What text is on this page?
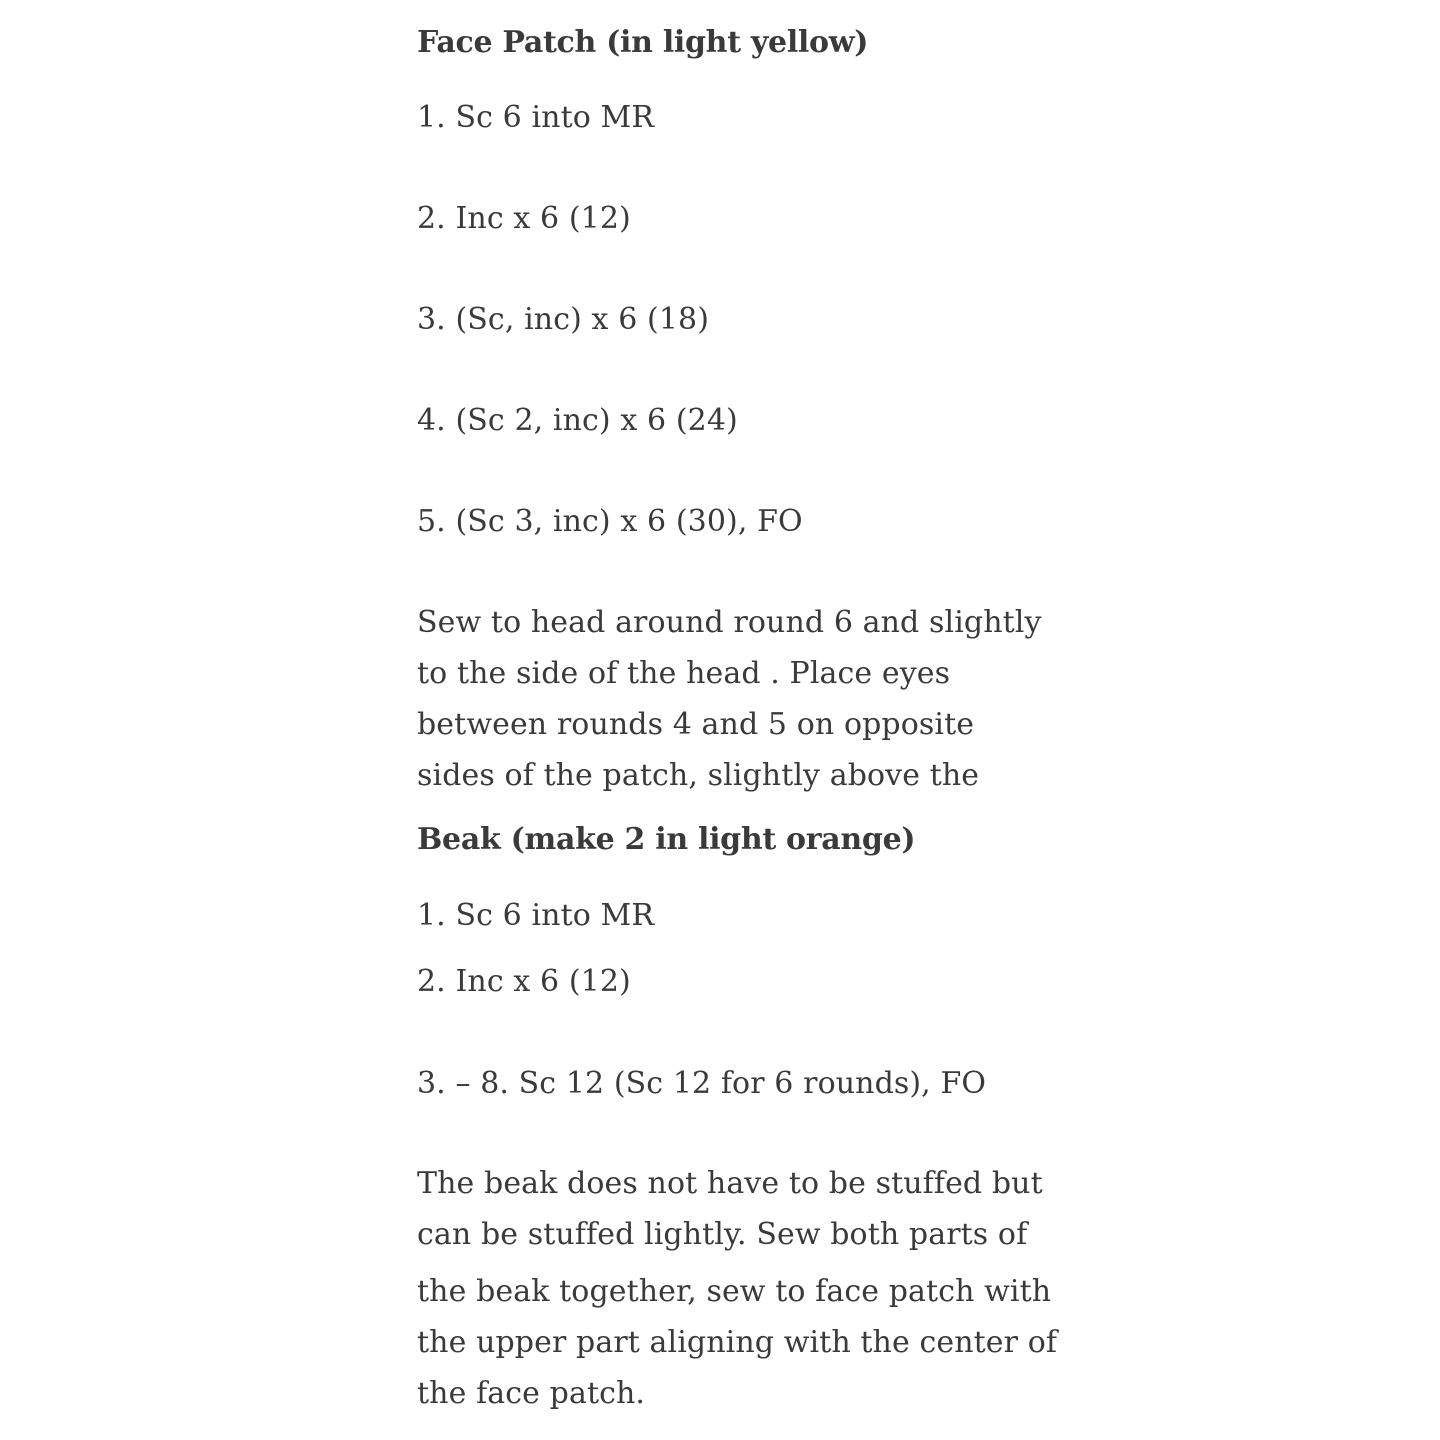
Face Patch (in light yellow)
1. Sc 6 into MR
2. Inc x 6 (12)
3. (Sc, inc) x 6 (18)
4. (Sc 2, inc) x 6 (24)
5. (Sc 3, inc) x 6 (30), FO
Sew to head around round 6 and slightly
to the side of the head . Place eyes
between rounds 4 and 5 on opposite
sides of the patch, slightly above the
Beak (make 2 in light orange)
1. Sc 6 into MR
2. Inc x 6 (12)
3. – 8. Sc 12 (Sc 12 for 6 rounds), FO
The beak does not have to be stuffed but
can be stuffed lightly. Sew both parts of
the beak together, sew to face patch with
the upper part aligning with the center of
the face patch.
